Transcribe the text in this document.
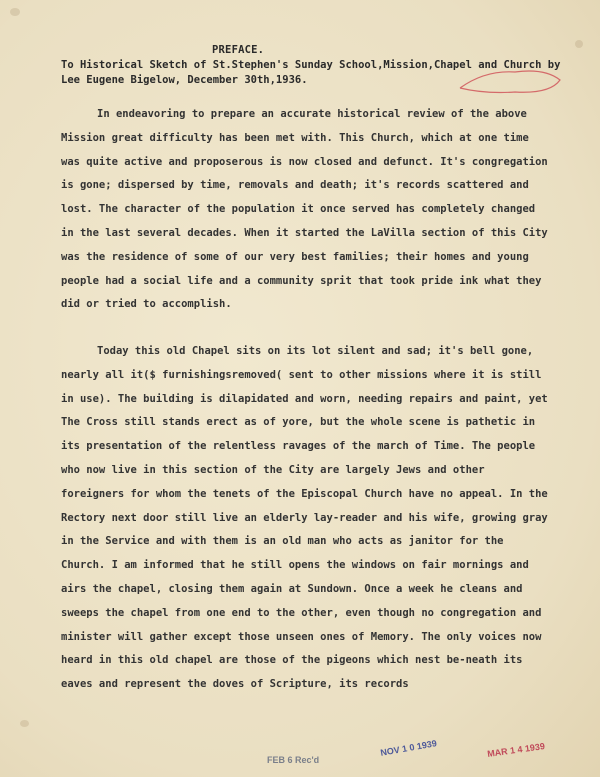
PREFACE.
To Historical Sketch of St.Stephen's Sunday School,Mission,Chapel and Church by Lee Eugene Bigelow, December 30th,1936.

In endeavoring to prepare an accurate historical review of the above Mission great difficulty has been met with. This Church, which at one time was quite active and proposerous is now closed and defunct. It's congregation is gone; dispersed by time, removals and death; it's records scattered and lost. The character of the population it once served has completely changed in the last several decades. When it started the LaVilla section of this City was the residence of some of our very best families; their homes and young people had a social life and a community sprit that took pride ink what they did or tried to accomplish.

Today this old Chapel sits on its lot silent and sad; it's bell gone, nearly all it($ furnishingsremoved( sent to other missions where it is still in use). The building is dilapidated and worn, needing repairs and paint, yet The Cross still stands erect as of yore, but the whole scene is pathetic in its presentation of the relentless ravages of the march of Time. The people who now live in this section of the City are largely Jews and other foreigners for whom the tenets of the Episcopal Church have no appeal. In the Rectory next door still live an elderly lay-reader and his wife, growing gray in the Service and with them is an old man who acts as janitor for the Church. I am informed that he still opens the windows on fair mornings and airs the chapel, closing them again at Sundown. Once a week he cleans and sweeps the chapel from one end to the other, even though no congregation and minister will gather except those unseen ones of Memory. The only voices now heard in this old chapel are those of the pigeons which nest be-neath its eaves and represent the doves of Scripture, its records

FEB 6 Rec'd
NOV 1 0 1939	MAR 1 4 1939
